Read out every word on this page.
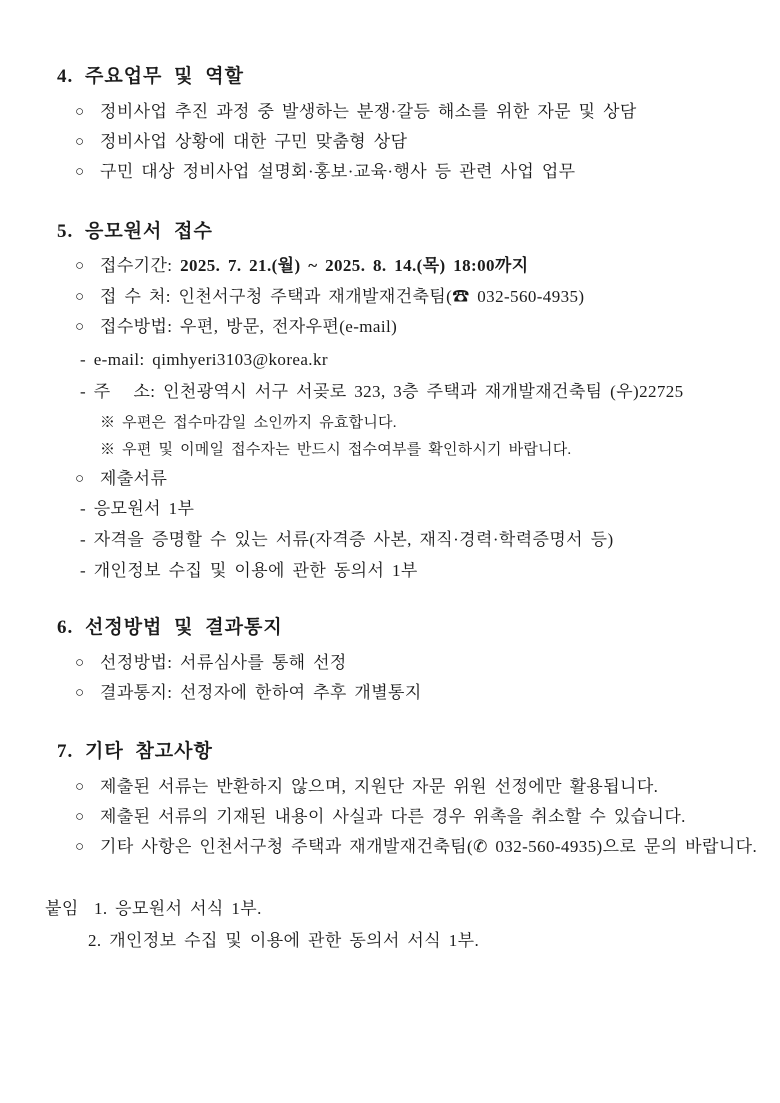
4. 주요업무 및 역할
○ 정비사업 추진 과정 중 발생하는 분쟁·갈등 해소를 위한 자문 및 상담
○ 정비사업 상황에 대한 구민 맞춤형 상담
○ 구민 대상 정비사업 설명회·홍보·교육·행사 등 관련 사업 업무
5. 응모원서 접수
○ 접수기간: 2025. 7. 21.(월) ~ 2025. 8. 14.(목) 18:00까지
○ 접 수 처: 인천서구청 주택과 재개발재건축팀(☎ 032-560-4935)
○ 접수방법: 우편, 방문, 전자우편(e-mail)
- e-mail: qimhyeri3103@korea.kr
- 주   소: 인천광역시 서구 서곶로 323, 3층 주택과 재개발재건축팀 (우)22725
※ 우편은 접수마감일 소인까지 유효합니다.
※ 우편 및 이메일 접수자는 반드시 접수여부를 확인하시기 바랍니다.
○ 제출서류
- 응모원서 1부
- 자격을 증명할 수 있는 서류(자격증 사본, 재직·경력·학력증명서 등)
- 개인정보 수집 및 이용에 관한 동의서 1부
6. 선정방법 및 결과통지
○ 선정방법: 서류심사를 통해 선정
○ 결과통지: 선정자에 한하여 추후 개별통지
7. 기타 참고사항
○ 제출된 서류는 반환하지 않으며, 지원단 자문 위원 선정에만 활용됩니다.
○ 제출된 서류의 기재된 내용이 사실과 다른 경우 위촉을 취소할 수 있습니다.
○ 기타 사항은 인천서구청 주택과 재개발재건축팀(✆ 032-560-4935)으로 문의 바랍니다.
붙임  1. 응모원서 서식 1부.
2. 개인정보 수집 및 이용에 관한 동의서 서식 1부.
